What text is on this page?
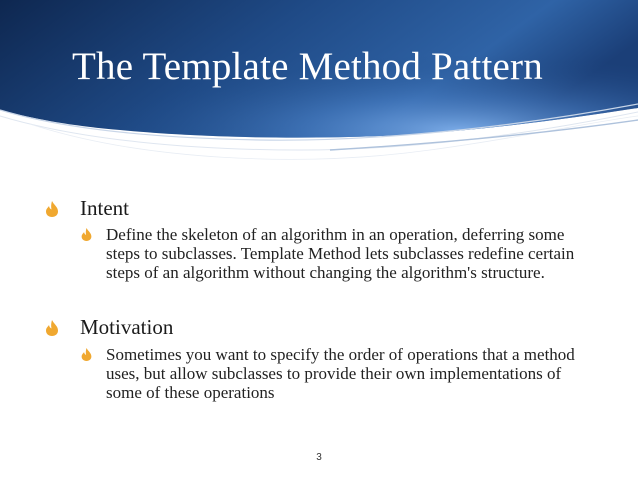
The Template Method Pattern
Intent
Define the skeleton of an algorithm in an operation, deferring some steps to subclasses. Template Method lets subclasses redefine certain steps of an algorithm without changing the algorithm's structure.
Motivation
Sometimes you want to specify the order of operations that a method uses, but allow subclasses to provide their own implementations of some of these operations
3
